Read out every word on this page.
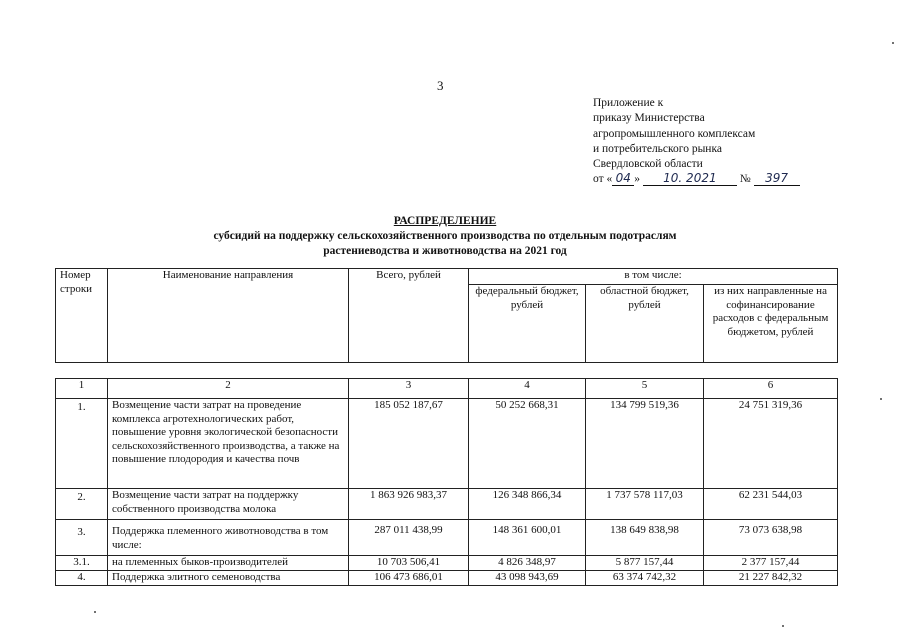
3
Приложение к
приказу Министерства
агропромышленного комплексам
и потребительского рынка
Свердловской области
от « 04 » 10. 2021 № 397
РАСПРЕДЕЛЕНИЕ
субсидий на поддержку сельскохозяйственного производства по отдельным подотраслям
растениеводства и животноводства на 2021 год
Номер строки	Наименование направления	Всего, рублей	в том числе:		
			федеральный бюджет, рублей	областной бюджет, рублей	из них направленные на софинансирование расходов с федеральным бюджетом, рублей
1	2	3	4	5	6
1.	Возмещение части затрат на проведение комплекса агротехнологических работ, повышение уровня экологической безопасности сельскохозяйственного производства, а также на повышение плодородия и качества почв	185 052 187,67	50 252 668,31	134 799 519,36	24 751 319,36
2.	Возмещение части затрат на поддержку собственного производства молока	1 863 926 983,37	126 348 866,34	1 737 578 117,03	62 231 544,03
3.	Поддержка племенного животноводства в том числе:	287 011 438,99	148 361 600,01	138 649 838,98	73 073 638,98
3.1.	на племенных быков-производителей	10 703 506,41	4 826 348,97	5 877 157,44	2 377 157,44
4.	Поддержка элитного семеноводства	106 473 686,01	43 098 943,69	63 374 742,32	21 227 842,32
